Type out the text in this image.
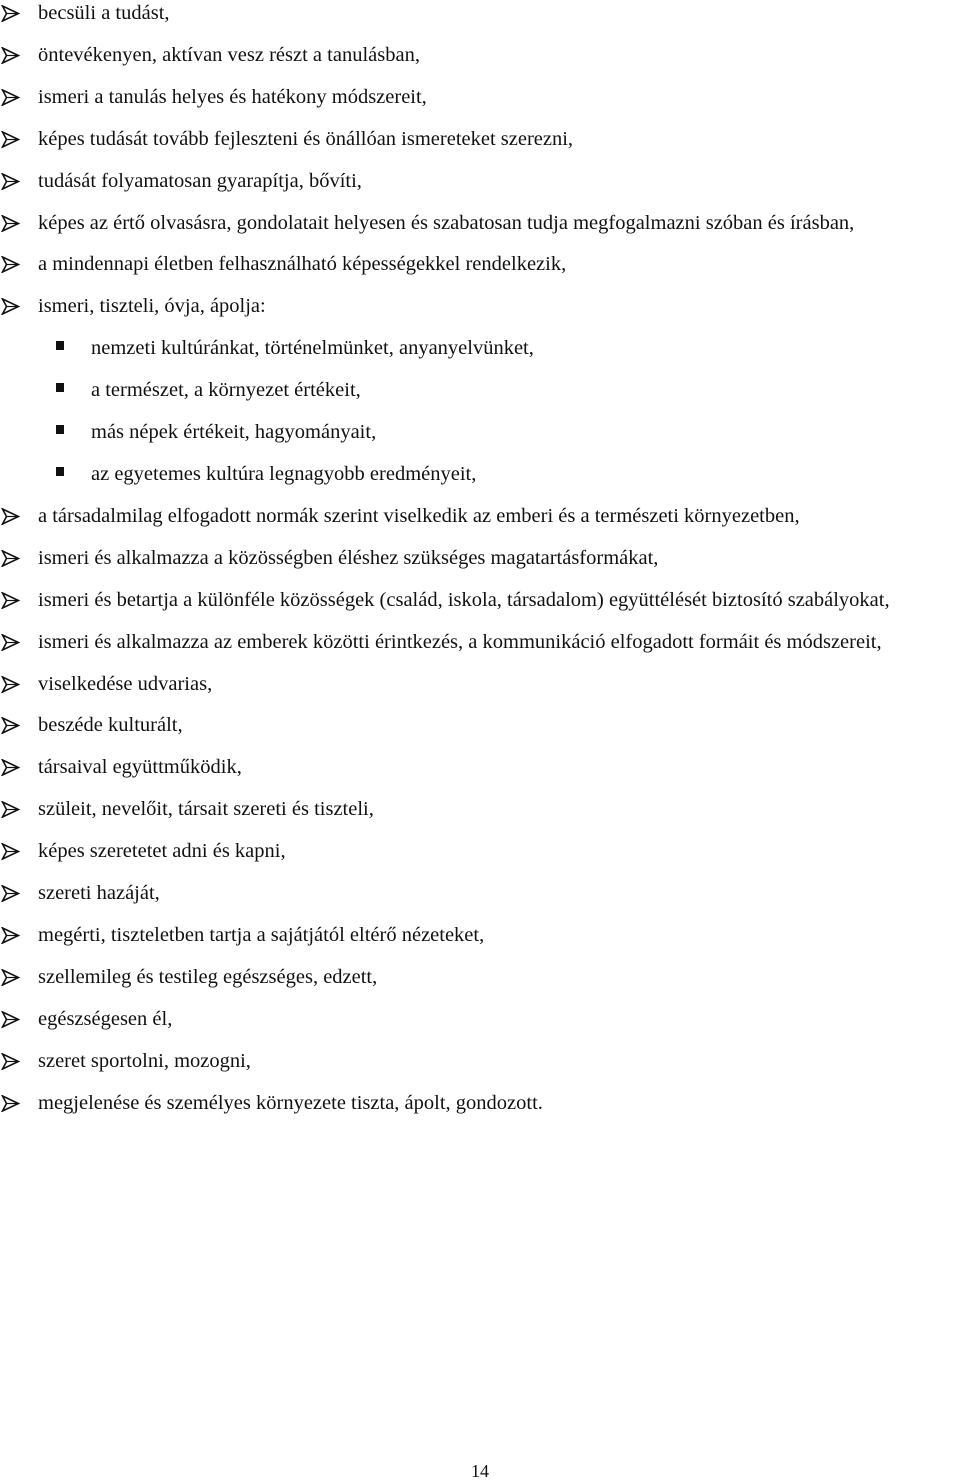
becsüli a tudást,
öntevékenyen, aktívan vesz részt a tanulásban,
ismeri a tanulás helyes és hatékony módszereit,
képes tudását tovább fejleszteni és önállóan ismereteket szerezni,
tudását folyamatosan gyarapítja, bővíti,
képes az értő olvasásra, gondolatait helyesen és szabatosan tudja megfogalmazni szóban és írásban,
a mindennapi életben felhasználható képességekkel rendelkezik,
ismeri, tiszteli, óvja, ápolja:
nemzeti kultúránkat, történelmünket, anyanyelvünket,
a természet, a környezet értékeit,
más népek értékeit, hagyományait,
az egyetemes kultúra legnagyobb eredményeit,
a társadalmilag elfogadott normák szerint viselkedik az emberi és a természeti környezetben,
ismeri és alkalmazza a közösségben éléshez szükséges magatartásformákat,
ismeri és betartja a különféle közösségek (család, iskola, társadalom) együttélését biztosító szabályokat,
ismeri és alkalmazza az emberek közötti érintkezés, a kommunikáció elfogadott formáit és módszereit,
viselkedése udvarias,
beszéde kulturált,
társaival együttműködik,
szüleit, nevelőit, társait szereti és tiszteli,
képes szeretetet adni és kapni,
szereti hazáját,
megérti, tiszteletben tartja a sajátjától eltérő nézeteket,
szellemileg és testileg egészséges, edzett,
egészségesen él,
szeret sportolni, mozogni,
megjelenése és személyes környezete tiszta, ápolt, gondozott.
14
